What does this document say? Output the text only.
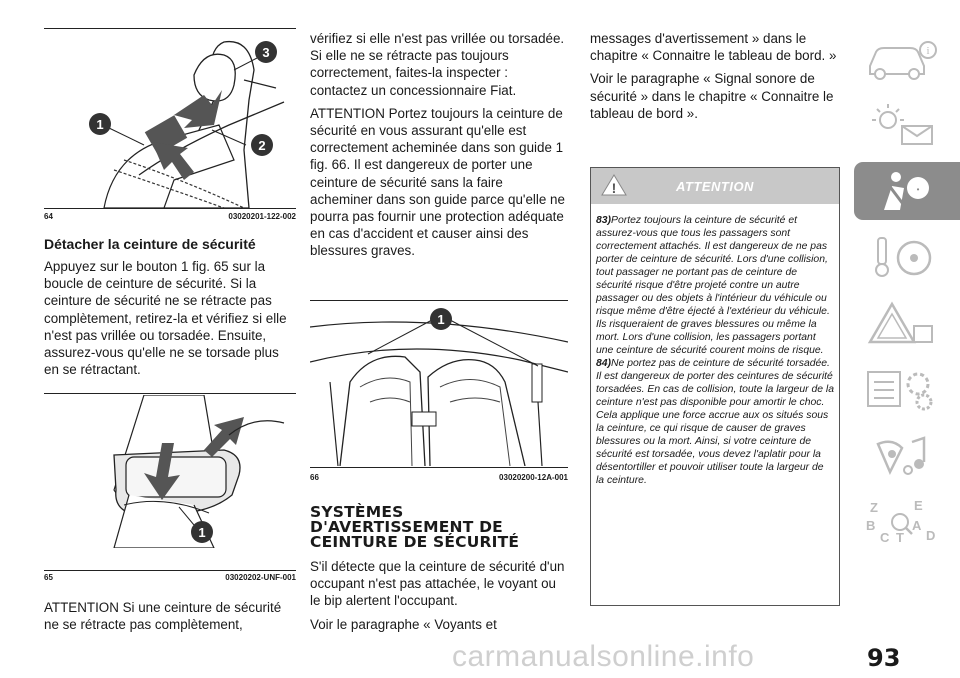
1
2
3
64	03020201-122-002
Détacher la ceinture de sécurité

Appuyez sur le bouton 1 fig. 65 sur la boucle de ceinture de sécurité. Si la ceinture de sécurité ne se rétracte pas complètement, retirez-la et vérifiez si elle n'est pas vrillée ou torsadée. Ensuite, assurez-vous qu'elle ne se torsade plus en se rétractant.

1
65	03020202-UNF-001

ATTENTION Si une ceinture de sécurité ne se rétracte pas complètement,

vérifiez si elle n'est pas vrillée ou torsadée. Si elle ne se rétracte pas toujours correctement, faites-la inspecter : contactez un concessionnaire Fiat.

ATTENTION Portez toujours la ceinture de sécurité en vous assurant qu'elle est correctement acheminée dans son guide 1 fig. 66. Il est dangereux de porter une ceinture de sécurité sans la faire acheminer dans son guide parce qu'elle ne pourra pas fournir une protection adéquate en cas d'accident et causer ainsi des blessures graves.

1
66	03020200-12A-001
SYSTÈMES D'AVERTISSEMENT DE CEINTURE DE SÉCURITÉ

S'il détecte que la ceinture de sécurité d'un occupant n'est pas attachée, le voyant ou le bip alertent l'occupant.

Voir le paragraphe « Voyants et

messages d'avertissement » dans le chapitre « Connaitre le tableau de bord. »

Voir le paragraphe « Signal sonore de sécurité » dans le chapitre « Connaitre le tableau de bord ».

!	ATTENTION

83)Portez toujours la ceinture de sécurité et assurez-vous que tous les passagers sont correctement attachés. Il est dangereux de ne pas porter de ceinture de sécurité. Lors d'une collision, tout passager ne portant pas de ceinture de sécurité risque d'être projeté contre un autre passager ou des objets à l'intérieur du véhicule ou risque même d'être éjecté à l'extérieur du véhicule. Ils risqueraient de graves blessures ou même la mort. Lors d'une collision, les passagers portant une ceinture de sécurité courent moins de risque.

84)Ne portez pas de ceinture de sécurité torsadée. Il est dangereux de porter des ceintures de sécurité torsadées. En cas de collision, toute la largeur de la ceinture n'est pas disponible pour amortir le choc. Cela applique une force accrue aux os situés sous la ceinture, ce qui risque de causer de graves blessures ou la mort. Ainsi, si votre ceinture de sécurité est torsadée, vous devez l'aplatir pour la désentortiller et pouvoir utiliser toute la largeur de la ceinture.

i
•
Z	E
B	A
C T D
carmanualsonline.info	93
